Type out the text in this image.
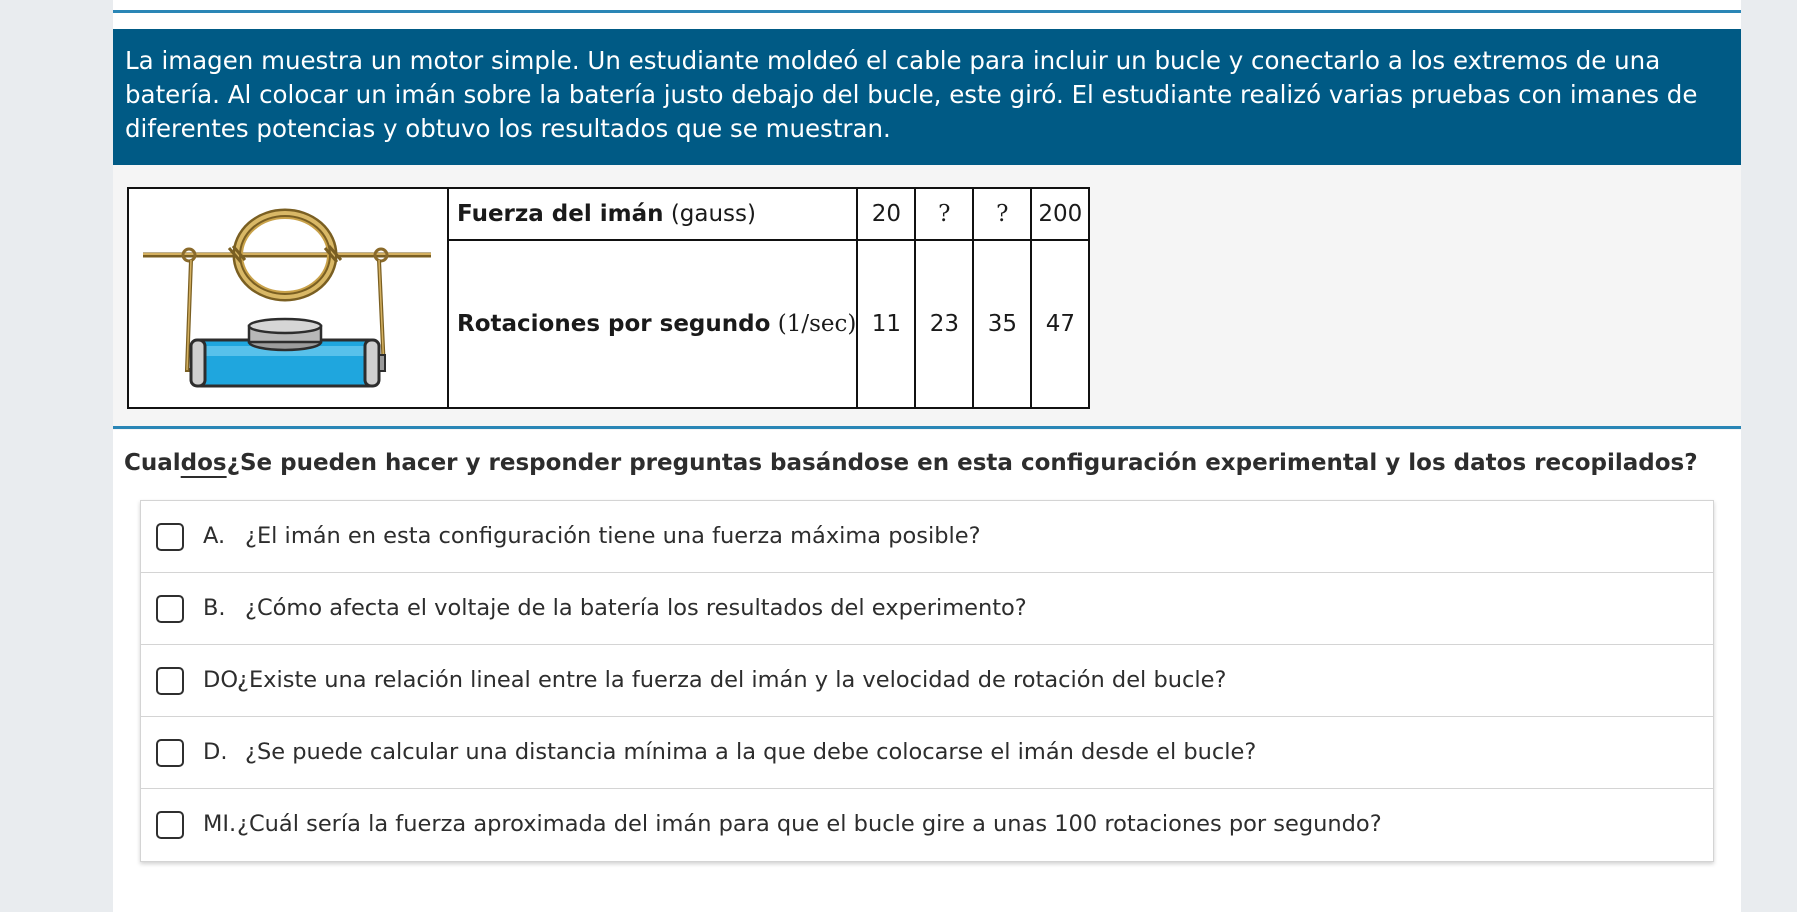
La imagen muestra un motor simple. Un estudiante moldeó el cable para incluir un bucle y conectarlo a los extremos de una batería. Al colocar un imán sobre la batería justo debajo del bucle, este giró. El estudiante realizó varias pruebas con imanes de diferentes potencias y obtuvo los resultados que se muestran.

	Fuerza del imán (gauss)	20	?	?	200
	Rotaciones por segundo (1/sec)	11	23	35	47

Cualdos¿Se pueden hacer y responder preguntas basándose en esta configuración experimental y los datos recopilados?

A. ¿El imán en esta configuración tiene una fuerza máxima posible?
B. ¿Cómo afecta el voltaje de la batería los resultados del experimento?
DO.
¿Existe una relación lineal entre la fuerza del imán y la velocidad de rotación del bucle?
D. ¿Se puede calcular una distancia mínima a la que debe colocarse el imán desde el bucle?
MI. ¿Cuál sería la fuerza aproximada del imán para que el bucle gire a unas 100 rotaciones por segundo?
